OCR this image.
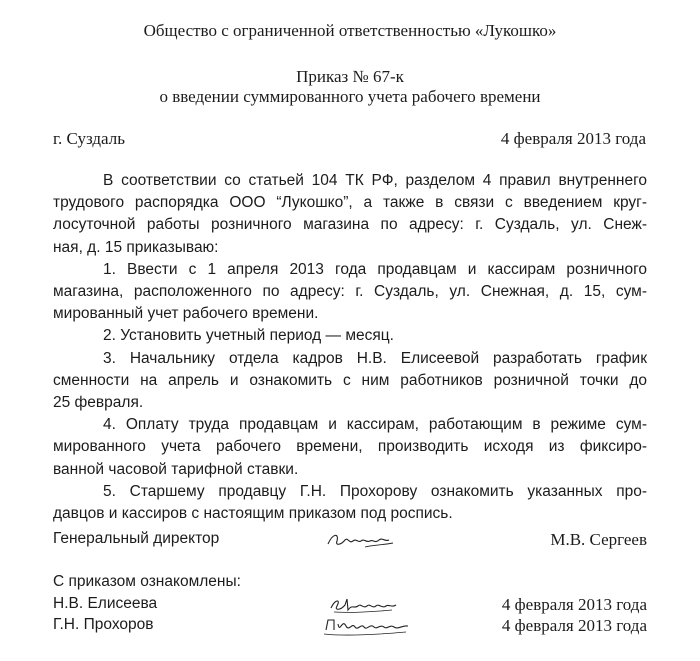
Общество с ограниченной ответственностью «Лукошко»
Приказ № 67-к
о введении суммированного учета рабочего времени
г. Суздаль	4 февраля 2013 года
В соответствии со статьей 104 ТК РФ, разделом 4 правил внутреннего
трудового распорядка ООО “Лукошко”, а также в связи с введением круг-
лосуточной работы розничного магазина по адресу: г. Суздаль, ул. Снеж-
ная, д. 15 приказываю:
1. Ввести с 1 апреля 2013 года продавцам и кассирам розничного
магазина, расположенного по адресу: г. Суздаль, ул. Снежная, д. 15, сум-
мированный учет рабочего времени.
2. Установить учетный период — месяц.
3. Начальнику отдела кадров Н.В. Елисеевой разработать график
сменности на апрель и ознакомить с ним работников розничной точки до
25 февраля.
4. Оплату труда продавцам и кассирам, работающим в режиме сум-
мированного учета рабочего времени, производить исходя из фиксиро-
ванной часовой тарифной ставки.
5. Старшему продавцу Г.Н. Прохорову ознакомить указанных про-
давцов и кассиров с настоящим приказом под роспись.
Генеральный директор	М.В. Сергеев
С приказом ознакомлены:
Н.В. Елисеева	4 февраля 2013 года
Г.Н. Прохоров	4 февраля 2013 года
